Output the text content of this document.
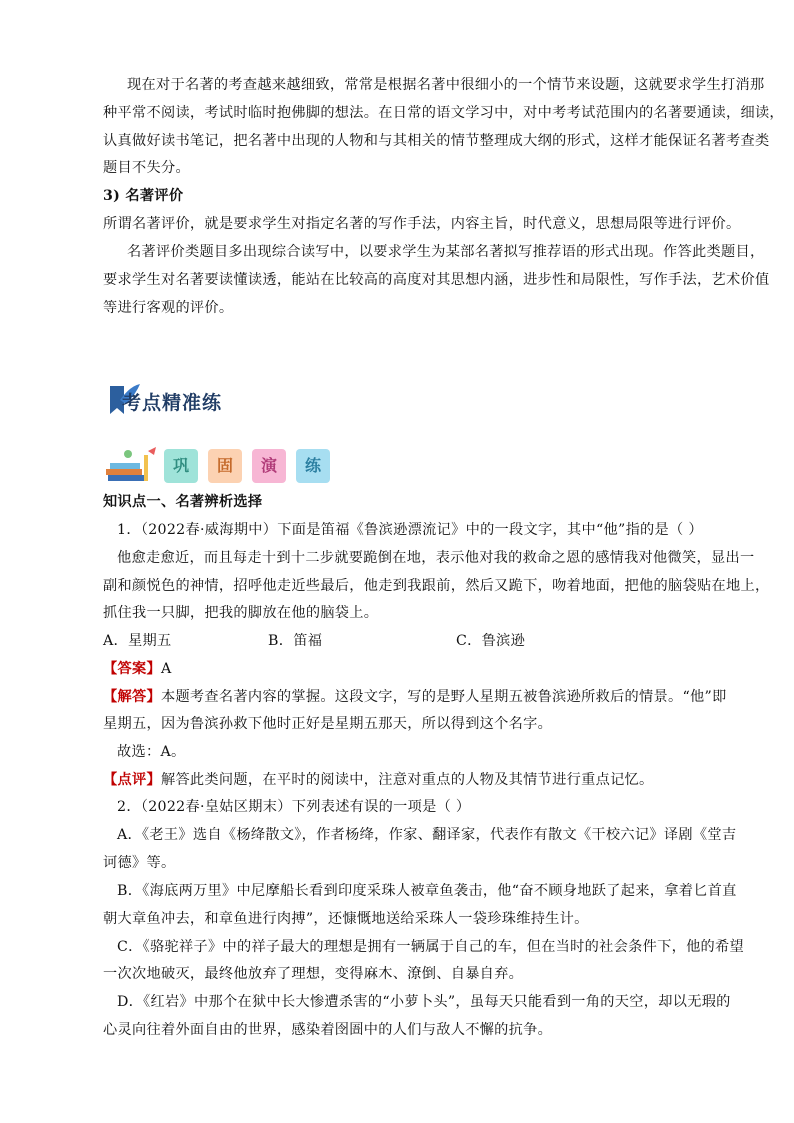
现在对于名著的考查越来越细致，常常是根据名著中很细小的一个情节来设题，这就要求学生打消那
种平常不阅读，考试时临时抱佛脚的想法。在日常的语文学习中，对中考考试范围内的名著要通读，细读，
认真做好读书笔记，把名著中出现的人物和与其相关的情节整理成大纲的形式，这样才能保证名著考查类
题目不失分。
3) 名著评价
所谓名著评价，就是要求学生对指定名著的写作手法，内容主旨，时代意义，思想局限等进行评价。
名著评价类题目多出现综合读写中，以要求学生为某部名著拟写推荐语的形式出现。作答此类题目，
要求学生对名著要读懂读透，能站在比较高的高度对其思想内涵，进步性和局限性，写作手法，艺术价值
等进行客观的评价。
考点精准练
巩	固	演	练
知识点一、名著辨析选择
1．（2022春·威海期中）下面是笛福《鲁滨逊漂流记》中的一段文字，其中“他”指的是（ ）
他愈走愈近，而且每走十到十二步就要跪倒在地，表示他对我的救命之恩的感情我对他微笑，显出一
副和颜悦色的神情，招呼他走近些最后，他走到我跟前，然后又跪下，吻着地面，把他的脑袋贴在地上，
抓住我一只脚，把我的脚放在他的脑袋上。
A．星期五	B．笛福	C．鲁滨逊
【答案】A
【解答】本题考查名著内容的掌握。这段文字，写的是野人星期五被鲁滨逊所救后的情景。“他”即
星期五，因为鲁滨孙救下他时正好是星期五那天，所以得到这个名字。
故选：A。
【点评】解答此类问题，在平时的阅读中，注意对重点的人物及其情节进行重点记忆。
2．（2022春·皇姑区期末）下列表述有误的一项是（ ）
A．《老王》选自《杨绛散文》，作者杨绛，作家、翻译家，代表作有散文《干校六记》译剧《堂吉
诃德》等。
B．《海底两万里》中尼摩船长看到印度采珠人被章鱼袭击，他“奋不顾身地跃了起来，拿着匕首直
朝大章鱼冲去，和章鱼进行肉搏”，还慷慨地送给采珠人一袋珍珠维持生计。
C．《骆驼祥子》中的祥子最大的理想是拥有一辆属于自己的车，但在当时的社会条件下，他的希望
一次次地破灭，最终他放弃了理想，变得麻木、潦倒、自暴自弃。
D．《红岩》中那个在狱中长大惨遭杀害的“小萝卜头”，虽每天只能看到一角的天空，却以无瑕的
心灵向往着外面自由的世界，感染着囹圄中的人们与敌人不懈的抗争。
